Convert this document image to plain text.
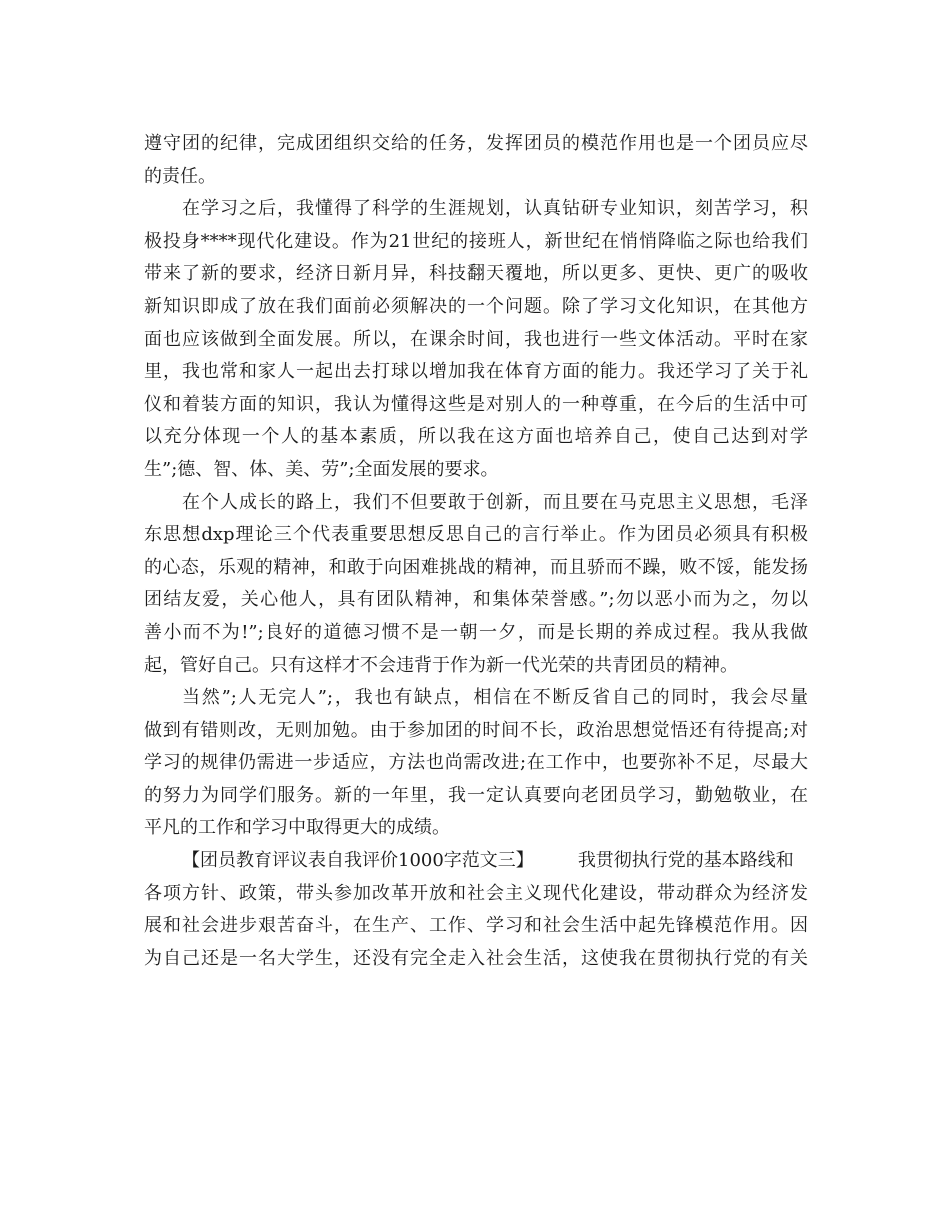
遵守团的纪律，完成团组织交给的任务，发挥团员的模范作用也是一个团员应尽
的责任。
在学习之后，我懂得了科学的生涯规划，认真钻研专业知识，刻苦学习，积
极投身****现代化建设。作为21世纪的接班人，新世纪在悄悄降临之际也给我们
带来了新的要求，经济日新月异，科技翻天覆地，所以更多、更快、更广的吸收
新知识即成了放在我们面前必须解决的一个问题。除了学习文化知识，在其他方
面也应该做到全面发展。所以，在课余时间，我也进行一些文体活动。平时在家
里，我也常和家人一起出去打球以增加我在体育方面的能力。我还学习了关于礼
仪和着装方面的知识，我认为懂得这些是对别人的一种尊重，在今后的生活中可
以充分体现一个人的基本素质，所以我在这方面也培养自己，使自己达到对学
生”;德、智、体、美、劳”;全面发展的要求。
在个人成长的路上，我们不但要敢于创新，而且要在马克思主义思想，毛泽
东思想dxp理论三个代表重要思想反思自己的言行举止。作为团员必须具有积极
的心态，乐观的精神，和敢于向困难挑战的精神，而且骄而不躁，败不馁，能发扬
团结友爱，关心他人，具有团队精神，和集体荣誉感。”;勿以恶小而为之，勿以
善小而不为!”;良好的道德习惯不是一朝一夕，而是长期的养成过程。我从我做
起，管好自己。只有这样才不会违背于作为新一代光荣的共青团员的精神。
当然”;人无完人”;，我也有缺点，相信在不断反省自己的同时，我会尽量
做到有错则改，无则加勉。由于参加团的时间不长，政治思想觉悟还有待提高;对
学习的规律仍需进一步适应，方法也尚需改进;在工作中，也要弥补不足，尽最大
的努力为同学们服务。新的一年里，我一定认真要向老团员学习，勤勉敬业，在
平凡的工作和学习中取得更大的成绩。
【团员教育评议表自我评价1000字范文三】 我贯彻执行党的基本路线和
各项方针、政策，带头参加改革开放和社会主义现代化建设，带动群众为经济发
展和社会进步艰苦奋斗，在生产、工作、学习和社会生活中起先锋模范作用。因
为自己还是一名大学生，还没有完全走入社会生活，这使我在贯彻执行党的有关
